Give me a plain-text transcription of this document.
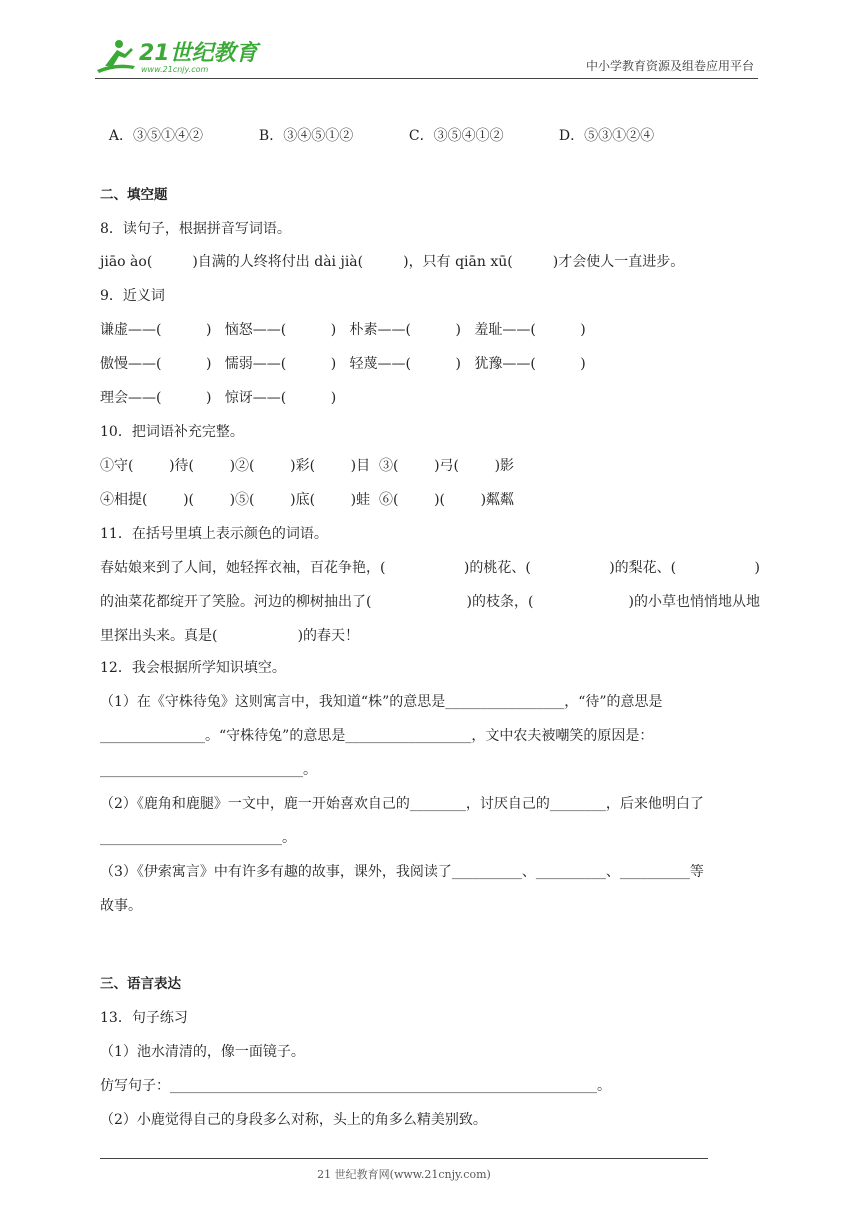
21世纪教育
www.21cnjy.com	中小学教育资源及组卷应用平台

A．③⑤①④②	B．③④⑤①②	C．③⑤④①②	D．⑤③①②④

二、填空题
8．读句子，根据拼音写词语。
jiāo ào(         )自满的人终将付出 dài jià(         )，只有 qiān xū(         )才会使人一直进步。
9．近义词
谦虚——(          )   恼怒——(          )   朴素——(          )   羞耻——(          )
傲慢——(          )   懦弱——(          )   轻蔑——(          )   犹豫——(          )
理会——(          )   惊讶——(          )
10．把词语补充完整。
①守(        )待(        )②(        )彩(        )目  ③(        )弓(        )影
④相提(        )(        )⑤(        )底(        )蛙  ⑥(        )(        )粼粼
11．在括号里填上表示颜色的词语。
春姑娘来到了人间，她轻挥衣袖，百花争艳，(	)的桃花、(	)的梨花、(	)
的油菜花都绽开了笑脸。河边的柳树抽出了(	)的枝条，(	)的小草也悄悄地从地
里探出头来。真是(                  )的春天！
12．我会根据所学知识填空。
（1）在《守株待兔》这则寓言中，我知道“株”的意思是_________________，“待”的意思是
_______________。“守株待兔”的意思是__________________，文中农夫被嘲笑的原因是：
_____________________________。
（2）《鹿角和鹿腿》一文中，鹿一开始喜欢自己的________，讨厌自己的________，后来他明白了
__________________________。
（3）《伊索寓言》中有许多有趣的故事，课外，我阅读了__________、__________、__________等
故事。
三、语言表达
13．句子练习
（1）池水清清的，像一面镜子。
仿写句子：_____________________________________________________________。
（2）小鹿觉得自己的身段多么对称，头上的角多么精美别致。
21 世纪教育网(www.21cnjy.com)
